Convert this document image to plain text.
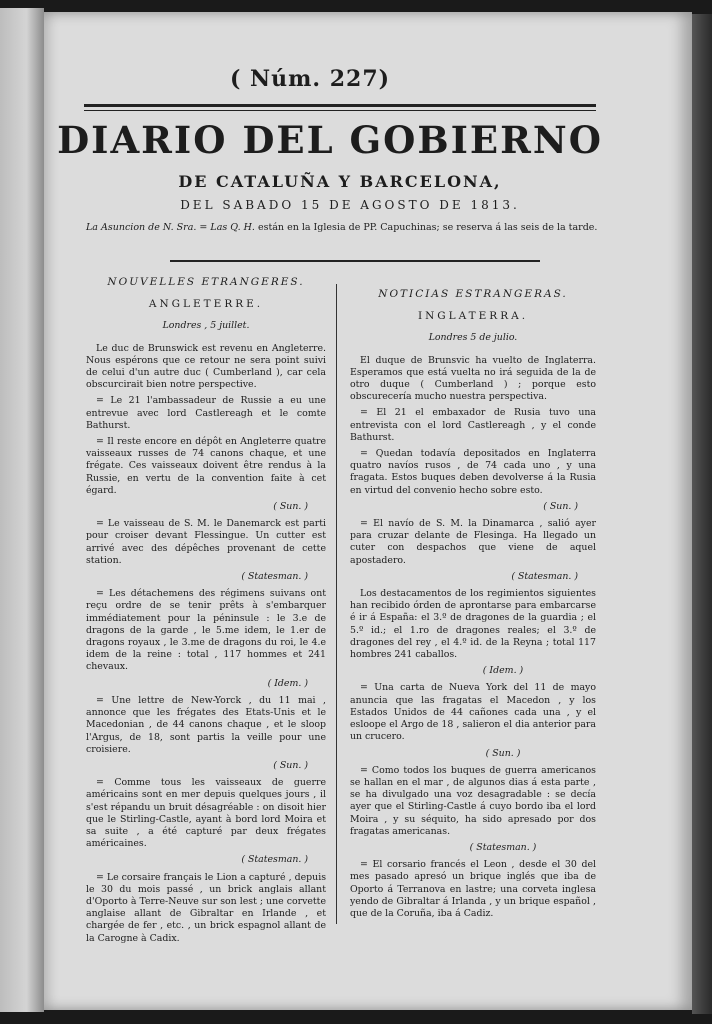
( Núm. 227)
DIARIO DEL GOBIERNO
DE CATALUÑA Y BARCELONA,
DEL SABADO 15 DE AGOSTO DE 1813.
La Asuncion de N. Sra. = Las Q. H. están en la Iglesia de PP. Capuchinas; se reserva á las seis de la tarde.
NOUVELLES ETRANGERES.
ANGLETERRE.
Londres , 5 juillet.

Le duc de Brunswick est revenu en Angleterre. Nous espérons que ce retour ne sera point suivi de celui d'un autre duc ( Cumberland ), car cela obscurcirait bien notre perspective.

= Le 21 l'ambassadeur de Russie a eu une entrevue avec lord Castlereagh et le comte Bathurst.

= Il reste encore en dépôt en Angleterre quatre vaisseaux russes de 74 canons chaque, et une frégate. Ces vaisseaux doivent être rendus à la Russie, en vertu de la convention faite à cet égard.

( Sun. )

= Le vaisseau de S. M. le Danemarck est parti pour croiser devant Flessingue. Un cutter est arrivé avec des dépêches provenant de cette station.

( Statesman. )

= Les détachemens des régimens suivans ont reçu ordre de se tenir prêts à s'embarquer immédiatement pour la péninsule : le 3.e de dragons de la garde , le 5.me idem, le 1.er de dragons royaux , le 3.me de dragons du roi, le 4.e idem de la reine : total , 117 hommes et 241 chevaux.

( Idem. )

= Une lettre de New-Yorck , du 11 mai , annonce que les frégates des Etats-Unis et le Macedonian , de 44 canons chaque , et le sloop l'Argus, de 18, sont partis la veille pour une croisiere.

( Sun. )

= Comme tous les vaisseaux de guerre américains sont en mer depuis quelques jours , il s'est répandu un bruit désagréable : on disoit hier que le Stirling-Castle, ayant à bord lord Moira et sa suite , a été capturé par deux frégates américaines.

( Statesman. )

= Le corsaire français le Lion a capturé , depuis le 30 du mois passé , un brick anglais allant d'Oporto à Terre-Neuve sur son lest ; une corvette anglaise allant de Gibraltar en Irlande , et chargée de fer , etc. , un brick espagnol allant de la Carogne à Cadix.

NOTICIAS ESTRANGERAS.
INGLATERRA.
Londres 5 de julio.

El duque de Brunsvic ha vuelto de Inglaterra. Esperamos que está vuelta no irá seguida de la de otro duque ( Cumberland ) ; porque esto obscurecería mucho nuestra perspectiva.

= El 21 el embaxador de Rusia tuvo una entrevista con el lord Castlereagh , y el conde Bathurst.

= Quedan todavía depositados en Inglaterra quatro navíos rusos , de 74 cada uno , y una fragata. Estos buques deben devolverse á la Rusia en virtud del convenio hecho sobre esto.

( Sun. )

= El navío de S. M. la Dinamarca , salió ayer para cruzar delante de Flesinga. Ha llegado un cuter con despachos que viene de aquel apostadero.

( Statesman. )

Los destacamentos de los regimientos siguientes han recibido órden de aprontarse para embarcarse é ir á España: el 3.º de dragones de la guardia ; el 5.º id.; el 1.ro de dragones reales; el 3.º de dragones del rey , el 4.º id. de la Reyna ; total 117 hombres 241 caballos.

( Idem. )

= Una carta de Nueva York del 11 de mayo anuncia que las fragatas el Macedon , y los Estados Unidos de 44 cañones cada una , y el esloope el Argo de 18 , salieron el dia anterior para un crucero.

( Sun. )

= Como todos los buques de guerra americanos se hallan en el mar , de algunos dias á esta parte , se ha divulgado una voz desagradable : se decía ayer que el Stirling-Castle á cuyo bordo iba el lord Moira , y su séquito, ha sido apresado por dos fragatas americanas.

( Statesman. )

= El corsario francés el Leon , desde el 30 del mes pasado apresó un brique inglés que iba de Oporto á Terranova en lastre; una corveta inglesa yendo de Gibraltar á Irlanda , y un brique español , que de la Coruña, iba á Cadiz.
